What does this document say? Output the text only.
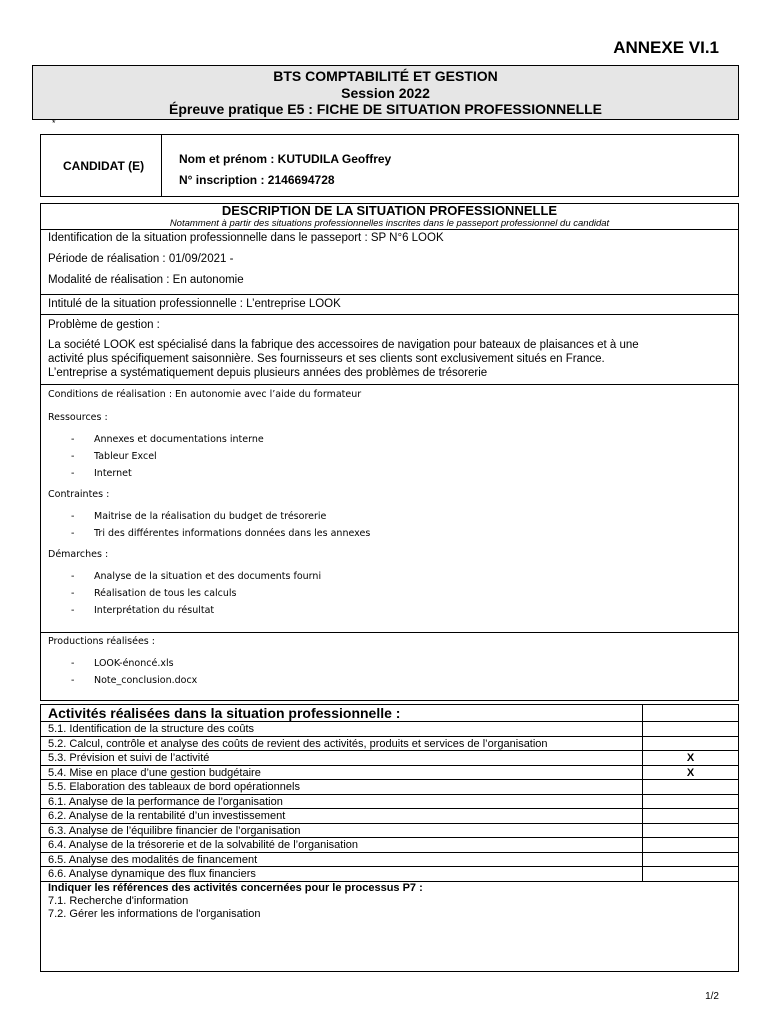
ANNEXE VI.1
BTS COMPTABILITÉ ET GESTION
Session 2022
Épreuve pratique E5 : FICHE DE SITUATION PROFESSIONNELLE
*
CANDIDAT (E)	Nom et prénom : KUTUDILA Geoffrey
N° inscription : 2146694728
DESCRIPTION DE LA SITUATION PROFESSIONNELLE
Notamment à partir des situations professionnelles inscrites dans le passeport professionnel du candidat
Identification de la situation professionnelle dans le passeport : SP N°6 LOOK
Période de réalisation : 01/09/2021 -
Modalité de réalisation : En autonomie
Intitulé de la situation professionnelle : L’entreprise LOOK
Problème de gestion :
La société LOOK est spécialisé dans la fabrique des accessoires de navigation pour bateaux de plaisances et à une
activité plus spécifiquement saisonnière. Ses fournisseurs et ses clients sont exclusivement situés en France.
L’entreprise a systématiquement depuis plusieurs années des problèmes de trésorerie
Conditions de réalisation : En autonomie avec l’aide du formateur
Ressources :
- Annexes et documentations interne
- Tableur Excel
- Internet
Contraintes :
- Maitrise de la réalisation du budget de trésorerie
- Tri des différentes informations données dans les annexes
Démarches :
- Analyse de la situation et des documents fourni
- Réalisation de tous les calculs
- Interprétation du résultat
Productions réalisées :
- LOOK-énoncé.xls
- Note_conclusion.docx
Activités réalisées dans la situation professionnelle :
5.1. Identification de la structure des coûts
5.2. Calcul, contrôle et analyse des coûts de revient des activités, produits et services de l’organisation
5.3. Prévision et suivi de l’activité	X
5.4. Mise en place d’une gestion budgétaire	X
5.5. Elaboration des tableaux de bord opérationnels
6.1. Analyse de la performance de l’organisation
6.2. Analyse de la rentabilité d’un investissement
6.3. Analyse de l’équilibre financier de l’organisation
6.4. Analyse de la trésorerie et de la solvabilité de l’organisation
6.5. Analyse des modalités de financement
6.6. Analyse dynamique des flux financiers
Indiquer les références des activités concernées pour le processus P7 :
7.1. Recherche d'information
7.2. Gérer les informations de l'organisation
1/2
